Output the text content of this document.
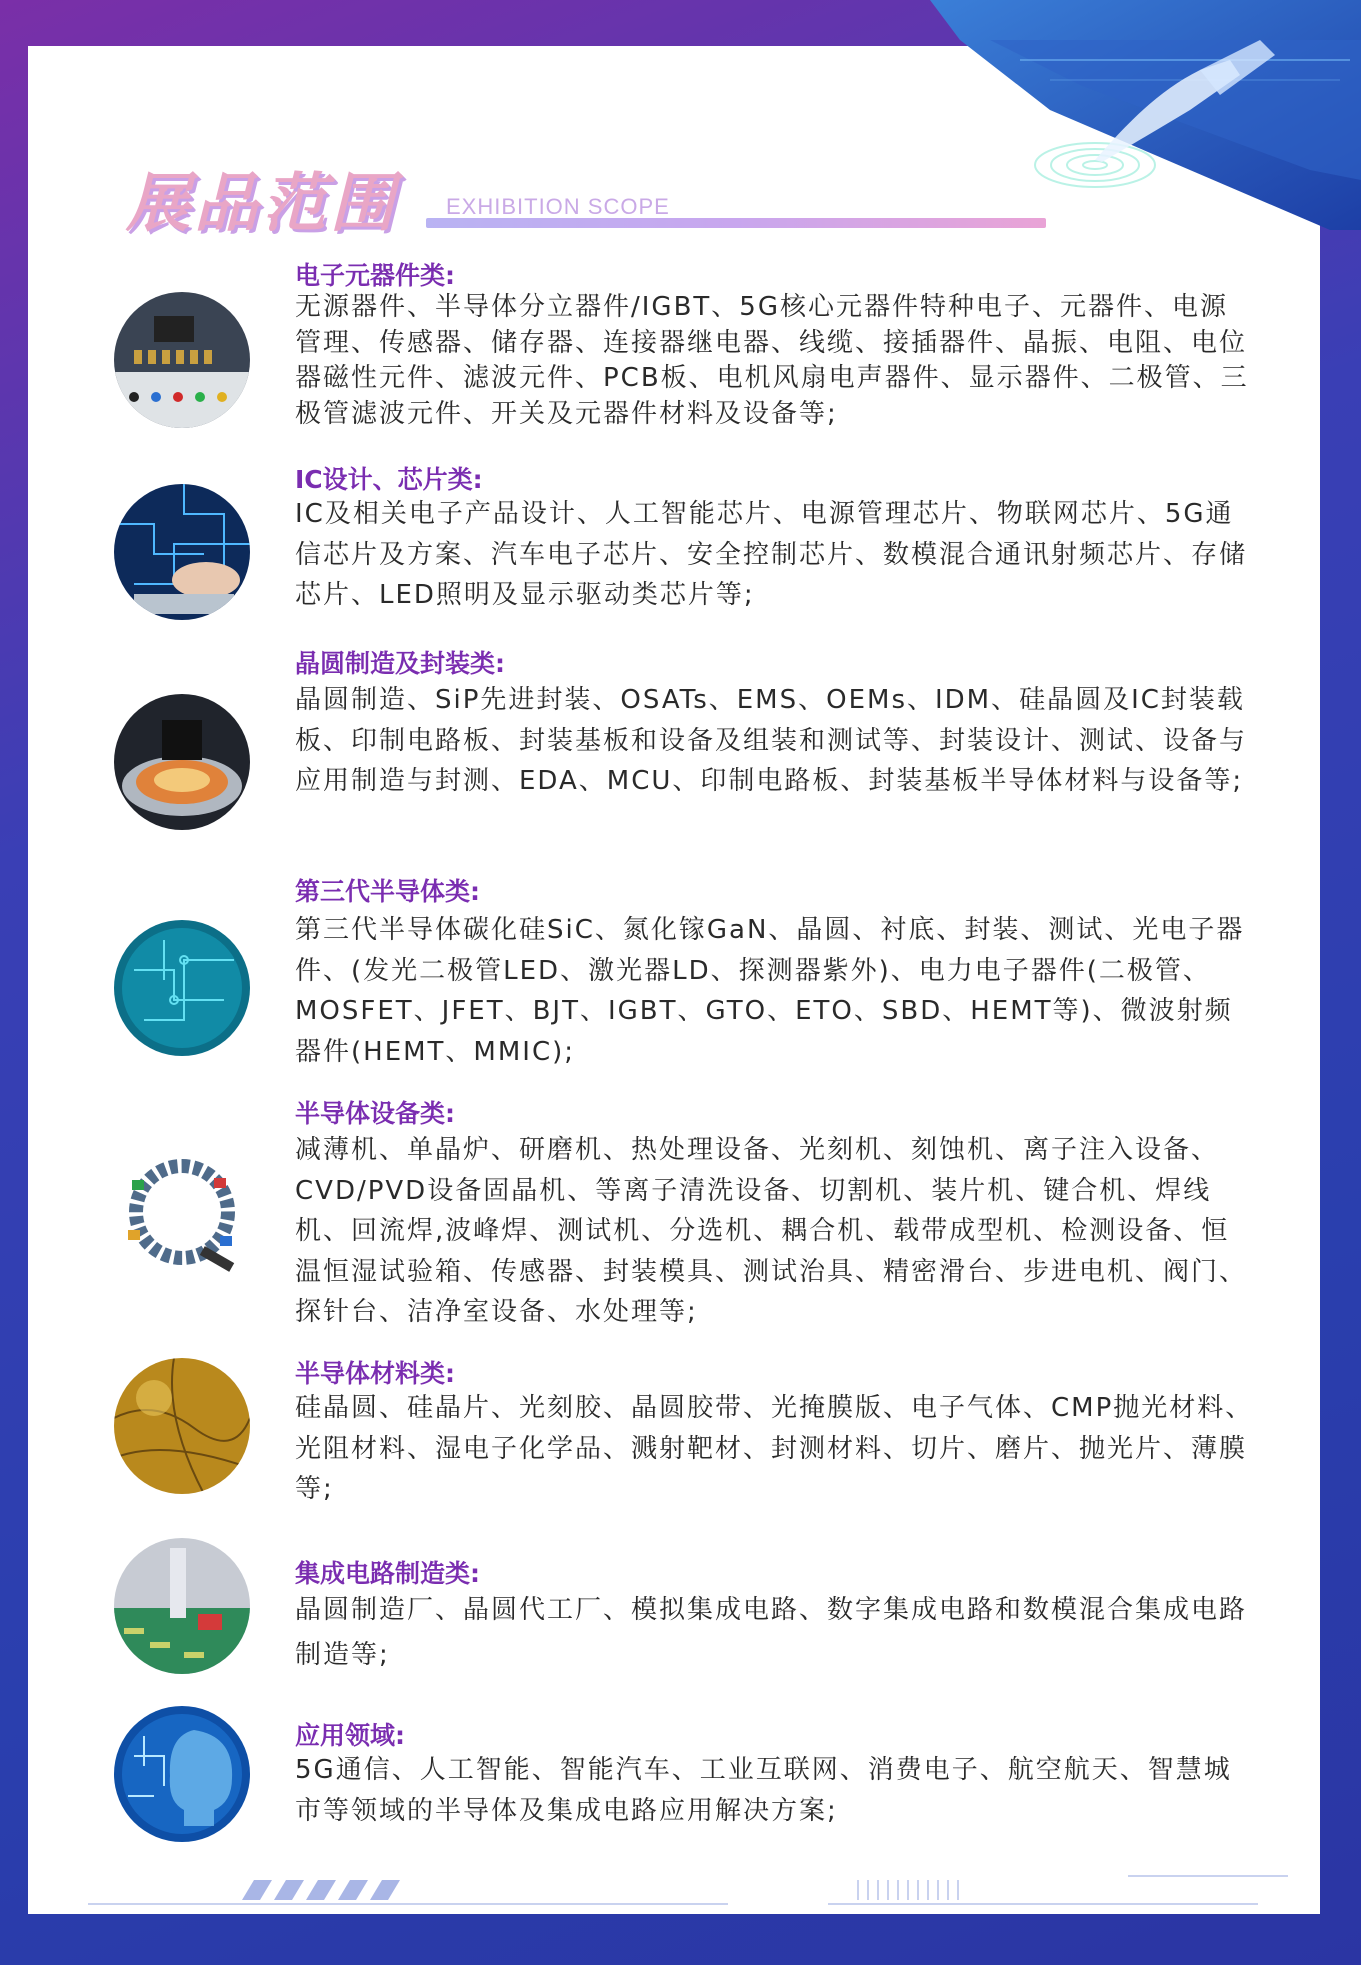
展品范围 EXHIBITION SCOPE
电子元器件类:
无源器件、半导体分立器件/IGBT、5G核心元器件特种电子、元器件、电源管理、传感器、储存器、连接器继电器、线缆、接插器件、晶振、电阻、电位器磁性元件、滤波元件、PCB板、电机风扇电声器件、显示器件、二极管、三极管滤波元件、开关及元器件材料及设备等;
IC设计、芯片类:
IC及相关电子产品设计、人工智能芯片、电源管理芯片、物联网芯片、5G通信芯片及方案、汽车电子芯片、安全控制芯片、数模混合通讯射频芯片、存储芯片、LED照明及显示驱动类芯片等;
晶圆制造及封装类:
晶圆制造、SiP先进封装、OSATs、EMS、OEMs、IDM、硅晶圆及IC封装载板、印制电路板、封装基板和设备及组装和测试等、封装设计、测试、设备与应用制造与封测、EDA、MCU、印制电路板、封装基板半导体材料与设备等;
第三代半导体类:
第三代半导体碳化硅SiC、氮化镓GaN、晶圆、衬底、封装、测试、光电子器件、(发光二极管LED、激光器LD、探测器紫外)、电力电子器件(二极管、MOSFET、JFET、BJT、IGBT、GTO、ETO、SBD、HEMT等)、微波射频器件(HEMT、MMIC);
半导体设备类:
减薄机、单晶炉、研磨机、热处理设备、光刻机、刻蚀机、离子注入设备、CVD/PVD设备固晶机、等离子清洗设备、切割机、装片机、键合机、焊线机、回流焊,波峰焊、测试机、分选机、耦合机、载带成型机、检测设备、恒温恒湿试验箱、传感器、封装模具、测试治具、精密滑台、步进电机、阀门、探针台、洁净室设备、水处理等;
半导体材料类:
硅晶圆、硅晶片、光刻胶、晶圆胶带、光掩膜版、电子气体、CMP抛光材料、光阻材料、湿电子化学品、溅射靶材、封测材料、切片、磨片、抛光片、薄膜等;
集成电路制造类:
晶圆制造厂、晶圆代工厂、模拟集成电路、数字集成电路和数模混合集成电路制造等;
应用领域:
5G通信、人工智能、智能汽车、工业互联网、消费电子、航空航天、智慧城市等领域的半导体及集成电路应用解决方案;
